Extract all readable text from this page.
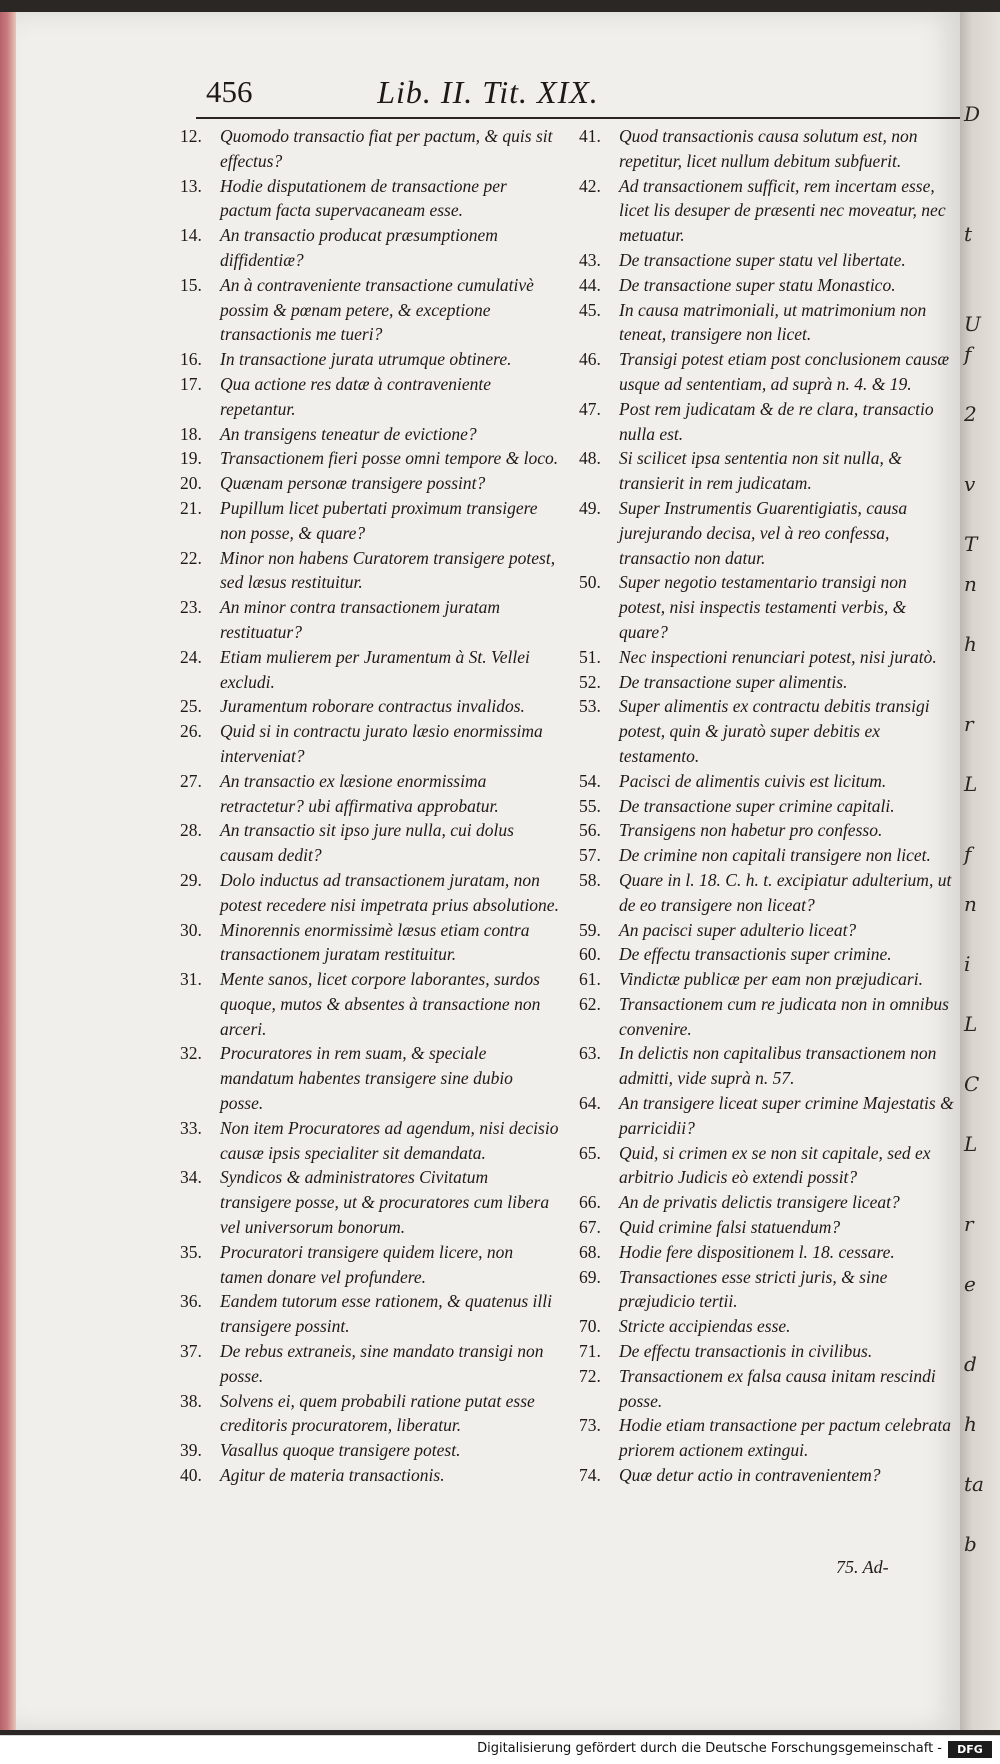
456	Lib. II. Tit. XIX.
12.	Quomodo transactio fiat per pactum, & quis sit effectus?
13.	Hodie disputationem de transactione per pactum facta supervacaneam esse.
14.	An transactio producat præsumptionem diffidentiæ?
15.	An à contraveniente transactione cumulativè possim & pœnam petere, & exceptione transactionis me tueri?
16.	In transactione jurata utrumque obtinere.
17.	Qua actione res datæ à contraveniente repetantur.
18.	An transigens teneatur de evictione?
19.	Transactionem fieri posse omni tempore & loco.
20.	Quænam personæ transigere possint?
21.	Pupillum licet pubertati proximum transigere non posse, & quare?
22.	Minor non habens Curatorem transigere potest, sed læsus restituitur.
23.	An minor contra transactionem juratam restituatur?
24.	Etiam mulierem per Juramentum à St. Vellei excludi.
25.	Juramentum roborare contractus invalidos.
26.	Quid si in contractu jurato læsio enormissima interveniat?
27.	An transactio ex læsione enormissima retractetur? ubi affirmativa approbatur.
28.	An transactio sit ipso jure nulla, cui dolus causam dedit?
29.	Dolo inductus ad transactionem juratam, non potest recedere nisi impetrata prius absolutione.
30.	Minorennis enormissimè læsus etiam contra transactionem juratam restituitur.
31.	Mente sanos, licet corpore laborantes, surdos quoque, mutos & absentes à transactione non arceri.
32.	Procuratores in rem suam, & speciale mandatum habentes transigere sine dubio posse.
33.	Non item Procuratores ad agendum, nisi decisio causæ ipsis specialiter sit demandata.
34.	Syndicos & administratores Civitatum transigere posse, ut & procuratores cum libera vel universorum bonorum.
35.	Procuratori transigere quidem licere, non tamen donare vel profundere.
36.	Eandem tutorum esse rationem, & quatenus illi transigere possint.
37.	De rebus extraneis, sine mandato transigi non posse.
38.	Solvens ei, quem probabili ratione putat esse creditoris procuratorem, liberatur.
39.	Vasallus quoque transigere potest.
40.	Agitur de materia transactionis.
41.	Quod transactionis causa solutum est, non repetitur, licet nullum debitum subfuerit.
42.	Ad transactionem sufficit, rem incertam esse, licet lis desuper de præsenti nec moveatur, nec metuatur.
43.	De transactione super statu vel libertate.
44.	De transactione super statu Monastico.
45.	In causa matrimoniali, ut matrimonium non teneat, transigere non licet.
46.	Transigi potest etiam post conclusionem causæ usque ad sententiam, ad suprà n. 4. & 19.
47.	Post rem judicatam & de re clara, transactio nulla est.
48.	Si scilicet ipsa sententia non sit nulla, & transierit in rem judicatam.
49.	Super Instrumentis Guarentigiatis, causa jurejurando decisa, vel à reo confessa, transactio non datur.
50.	Super negotio testamentario transigi non potest, nisi inspectis testamenti verbis, & quare?
51.	Nec inspectioni renunciari potest, nisi juratò.
52.	De transactione super alimentis.
53.	Super alimentis ex contractu debitis transigi potest, quin & juratò super debitis ex testamento.
54.	Pacisci de alimentis cuivis est licitum.
55.	De transactione super crimine capitali.
56.	Transigens non habetur pro confesso.
57.	De crimine non capitali transigere non licet.
58.	Quare in l. 18. C. h. t. excipiatur adulterium, ut de eo transigere non liceat?
59.	An pacisci super adulterio liceat?
60.	De effectu transactionis super crimine.
61.	Vindictæ publicæ per eam non præjudicari.
62.	Transactionem cum re judicata non in omnibus convenire.
63.	In delictis non capitalibus transactionem non admitti, vide suprà n. 57.
64.	An transigere liceat super crimine Majestatis & parricidii?
65.	Quid, si crimen ex se non sit capitale, sed ex arbitrio Judicis eò extendi possit?
66.	An de privatis delictis transigere liceat?
67.	Quid crimine falsi statuendum?
68.	Hodie fere dispositionem l. 18. cessare.
69.	Transactiones esse stricti juris, & sine præjudicio tertii.
70.	Stricte accipiendas esse.
71.	De effectu transactionis in civilibus.
72.	Transactionem ex falsa causa initam rescindi posse.
73.	Hodie etiam transactione per pactum celebrata priorem actionem extingui.
74.	Quæ detur actio in contravenientem?
75. Ad-
D
t
U
f
2
v
T
n
h
r
L
f
n
i
L
C
L
r
e
d
h
ta
b
Digitalisierung gefördert durch die Deutsche Forschungsgemeinschaft -	DFG
